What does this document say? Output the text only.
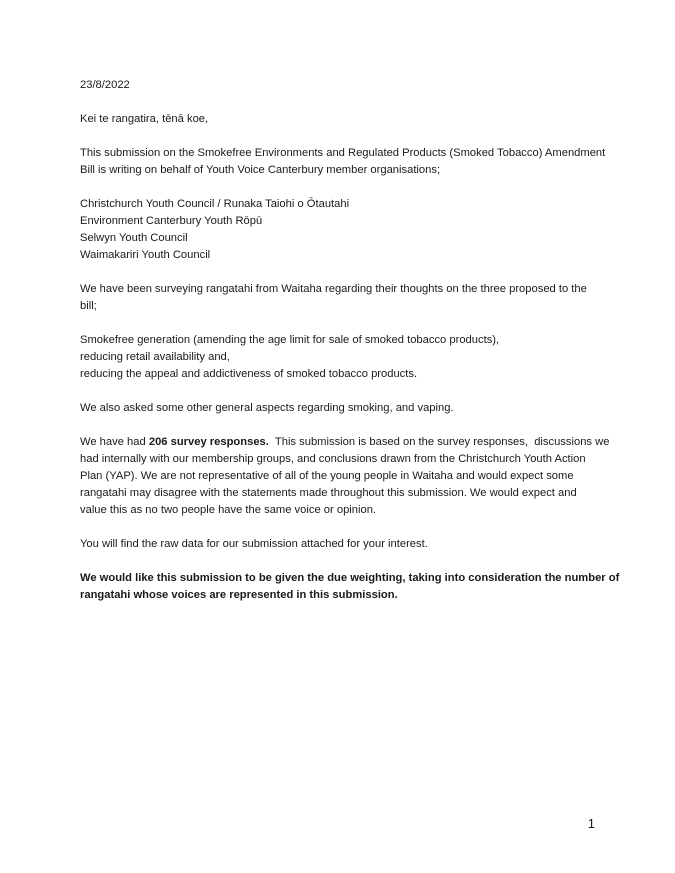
23/8/2022

Kei te rangatira, tēnā koe,

This submission on the Smokefree Environments and Regulated Products (Smoked Tobacco) Amendment
Bill is writing on behalf of Youth Voice Canterbury member organisations;
Christchurch Youth Council / Runaka Taiohi o Ōtautahi
Environment Canterbury Youth Rōpū
Selwyn Youth Council
Waimakariri Youth Council
We have been surveying rangatahi from Waitaha regarding their thoughts on the three proposed to the
bill;
Smokefree generation (amending the age limit for sale of smoked tobacco products),
reducing retail availability and,
reducing the appeal and addictiveness of smoked tobacco products.

We also asked some other general aspects regarding smoking, and vaping.

We have had 206 survey responses.  This submission is based on the survey responses,  discussions we
had internally with our membership groups, and conclusions drawn from the Christchurch Youth Action
Plan (YAP). We are not representative of all of the young people in Waitaha and would expect some
rangatahi may disagree with the statements made throughout this submission. We would expect and
value this as no two people have the same voice or opinion.

You will find the raw data for our submission attached for your interest.

We would like this submission to be given the due weighting, taking into consideration the number of
rangatahi whose voices are represented in this submission.
1
